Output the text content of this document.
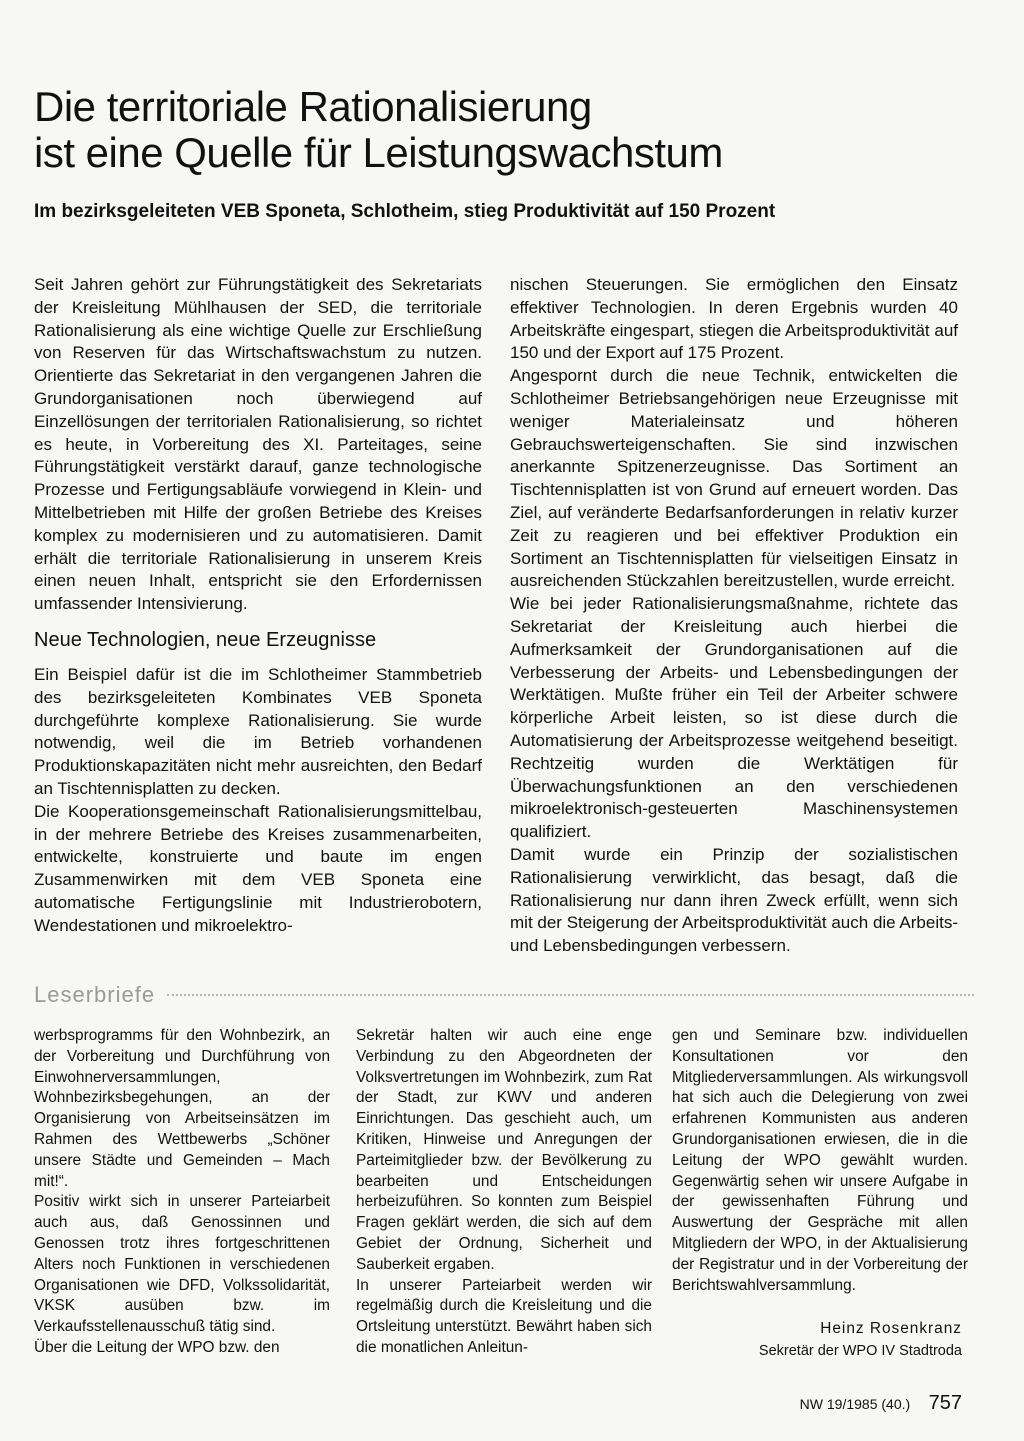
Die territoriale Rationalisierung
ist eine Quelle für Leistungswachstum
Im bezirksgeleiteten VEB Sponeta, Schlotheim, stieg Produktivität auf 150 Prozent

Seit Jahren gehört zur Führungstätigkeit des Sekretariats der Kreisleitung Mühlhausen der SED, die territoriale Rationalisierung als eine wichtige Quelle zur Erschließung von Reserven für das Wirtschaftswachstum zu nutzen. Orientierte das Sekretariat in den vergangenen Jahren die Grundorganisationen noch überwiegend auf Einzellösungen der territorialen Rationalisierung, so richtet es heute, in Vorbereitung des XI. Parteitages, seine Führungstätigkeit verstärkt darauf, ganze technologische Prozesse und Fertigungsabläufe vorwiegend in Klein- und Mittelbetrieben mit Hilfe der großen Betriebe des Kreises komplex zu modernisieren und zu automatisieren. Damit erhält die territoriale Rationalisierung in unserem Kreis einen neuen Inhalt, entspricht sie den Erfordernissen umfassender Intensivierung.

Neue Technologien, neue Erzeugnisse

Ein Beispiel dafür ist die im Schlotheimer Stammbetrieb des bezirksgeleiteten Kombinates VEB Sponeta durchgeführte komplexe Rationalisierung. Sie wurde notwendig, weil die im Betrieb vorhandenen Produktionskapazitäten nicht mehr ausreichten, den Bedarf an Tischtennisplatten zu decken.

Die Kooperationsgemeinschaft Rationalisierungsmittelbau, in der mehrere Betriebe des Kreises zusammenarbeiten, entwickelte, konstruierte und baute im engen Zusammenwirken mit dem VEB Sponeta eine automatische Fertigungslinie mit Industrierobotern, Wendestationen und mikroelektro-

nischen Steuerungen. Sie ermöglichen den Einsatz effektiver Technologien. In deren Ergebnis wurden 40 Arbeitskräfte eingespart, stiegen die Arbeitsproduktivität auf 150 und der Export auf 175 Prozent.

Angespornt durch die neue Technik, entwickelten die Schlotheimer Betriebsangehörigen neue Erzeugnisse mit weniger Materialeinsatz und höheren Gebrauchswerteigenschaften. Sie sind inzwischen anerkannte Spitzenerzeugnisse. Das Sortiment an Tischtennisplatten ist von Grund auf erneuert worden. Das Ziel, auf veränderte Bedarfsanforderungen in relativ kurzer Zeit zu reagieren und bei effektiver Produktion ein Sortiment an Tischtennisplatten für vielseitigen Einsatz in ausreichenden Stückzahlen bereitzustellen, wurde erreicht.

Wie bei jeder Rationalisierungsmaßnahme, richtete das Sekretariat der Kreisleitung auch hierbei die Aufmerksamkeit der Grundorganisationen auf die Verbesserung der Arbeits- und Lebensbedingungen der Werktätigen. Mußte früher ein Teil der Arbeiter schwere körperliche Arbeit leisten, so ist diese durch die Automatisierung der Arbeitsprozesse weitgehend beseitigt. Rechtzeitig wurden die Werktätigen für Überwachungsfunktionen an den verschiedenen mikroelektronisch-gesteuerten Maschinensystemen qualifiziert.

Damit wurde ein Prinzip der sozialistischen Rationalisierung verwirklicht, das besagt, daß die Rationalisierung nur dann ihren Zweck erfüllt, wenn sich mit der Steigerung der Arbeitsproduktivität auch die Arbeits- und Lebensbedingungen verbessern.

Leserbriefe

werbsprogramms für den Wohnbezirk, an der Vorbereitung und Durchführung von Einwohnerversammlungen, Wohnbezirksbegehungen, an der Organisierung von Arbeitseinsätzen im Rahmen des Wettbewerbs „Schöner unsere Städte und Gemeinden – Mach mit!“.

Positiv wirkt sich in unserer Parteiarbeit auch aus, daß Genossinnen und Genossen trotz ihres fortgeschrittenen Alters noch Funktionen in verschiedenen Organisationen wie DFD, Volkssolidarität, VKSK ausüben bzw. im Verkaufsstellenausschuß tätig sind.

Über die Leitung der WPO bzw. den

Sekretär halten wir auch eine enge Verbindung zu den Abgeordneten der Volksvertretungen im Wohnbezirk, zum Rat der Stadt, zur KWV und anderen Einrichtungen. Das geschieht auch, um Kritiken, Hinweise und Anregungen der Parteimitglieder bzw. der Bevölkerung zu bearbeiten und Entscheidungen herbeizuführen. So konnten zum Beispiel Fragen geklärt werden, die sich auf dem Gebiet der Ordnung, Sicherheit und Sauberkeit ergaben.

In unserer Parteiarbeit werden wir regelmäßig durch die Kreisleitung und die Ortsleitung unterstützt. Bewährt haben sich die monatlichen Anleitun-

gen und Seminare bzw. individuellen Konsultationen vor den Mitgliederversammlungen. Als wirkungsvoll hat sich auch die Delegierung von zwei erfahrenen Kommunisten aus anderen Grundorganisationen erwiesen, die in die Leitung der WPO gewählt wurden. Gegenwärtig sehen wir unsere Aufgabe in der gewissenhaften Führung und Auswertung der Gespräche mit allen Mitgliedern der WPO, in der Aktualisierung der Registratur und in der Vorbereitung der Berichtswahlversammlung.

Heinz Rosenkranz
Sekretär der WPO IV Stadtroda
NW 19/1985 (40.) 757
